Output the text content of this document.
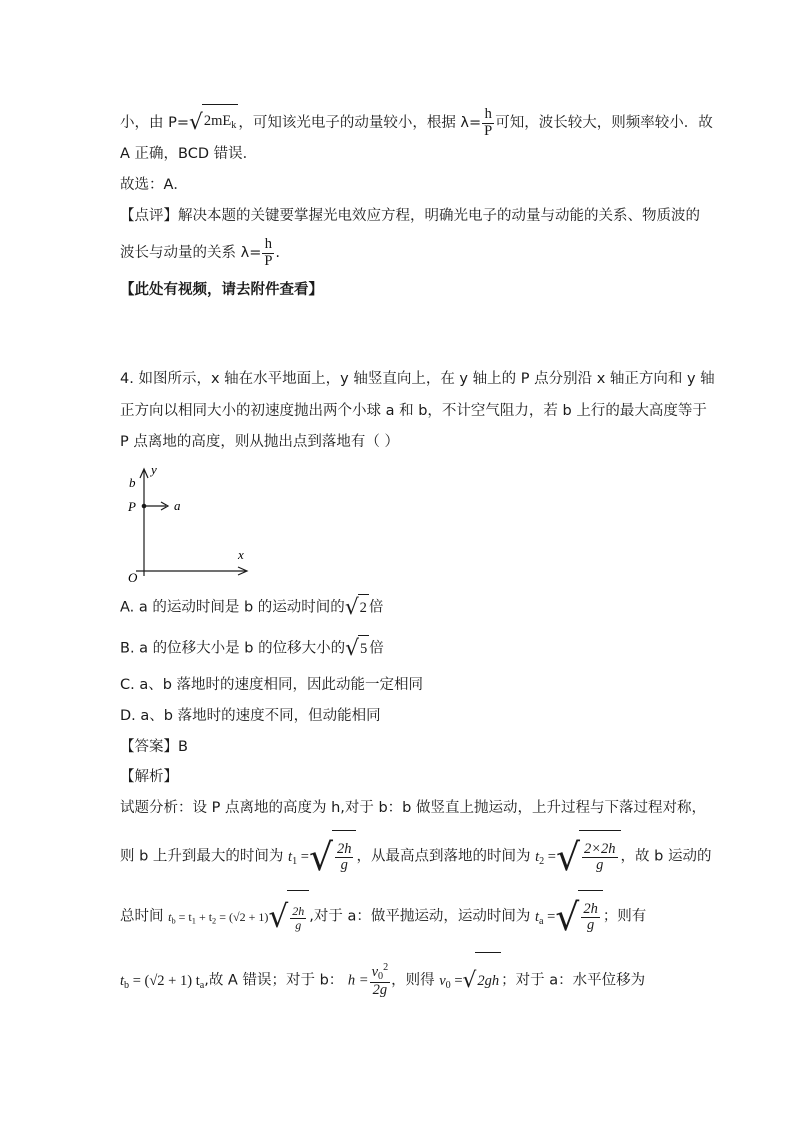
小，由 $P=√2mE_k$ ，可知该光电子的动量较小，根据 $\lambda= \frac{h}{P}$ 可知，波长较大，则频率较小．故
A 正确，BCD 错误．
故选：A．
【点评】解决本题的关键要掌握光电效应方程，明确光电子的动量与动能的关系、物质波的
波长与动量的关系 $\lambda= \frac{h}{P}$ .
【此处有视频，请去附件查看】
4. 如图所示，x 轴在水平地面上，y 轴竖直向上，在 y 轴上的 P 点分别沿 x 轴正方向和 y 轴
正方向以相同大小的初速度抛出两个小球 a 和 b，不计空气阻力，若 b 上行的最大高度等于
P 点离地的高度，则从抛出点到落地有（ ）
y
b
P	a
x
O
A. a 的运动时间是 b 的运动时间的√2 倍
B. a 的位移大小是 b 的位移大小的√5 倍
C. a、b 落地时的速度相同，因此动能一定相同
D. a、b 落地时的速度不同，但动能相同
【答案】B
【解析】
试题分析：设 P 点离地的高度为 h,对于 b：b 做竖直上抛运动，上升过程与下落过程对称，
则 b 上升到最大的时间为 $t_1$ =√ $\frac{2h}{g}$ ，从最高点到落地的时间为 $t_2$ =√ $\frac{2\times 2h}{g}$ ，故 b 运动的
总时间 $t_b = t_1 + t_2 = (√2 + 1)√ \frac{2h}{g}$ ,对于 a：做平抛运动，运动时间为 $t_a$ =√ $\frac{2h}{g}$ ；则有
$t_b = (√2 + 1)$ $t_a$,故 A 错误；对于 b： $h = \frac{v_0^2}{2g}$ ，则得 $v_0 =√2gh$ ；对于 a：水平位移为
